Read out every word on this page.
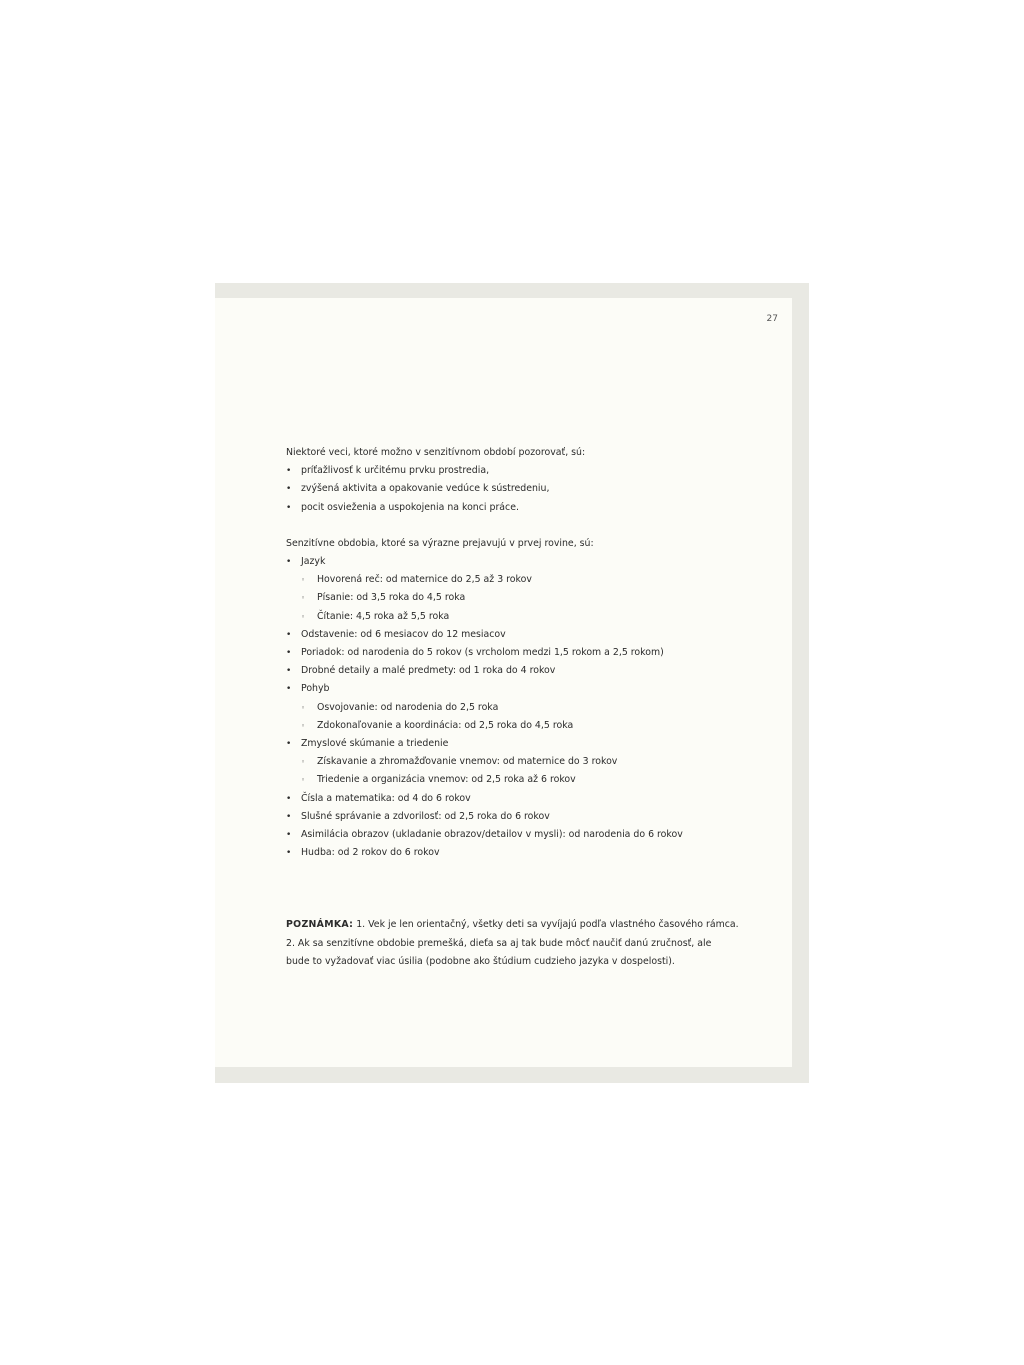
27

Niektoré veci, ktoré možno v senzitívnom období pozorovať, sú:

• príťažlivosť k určitému prvku prostredia,
• zvýšená aktivita a opakovanie vedúce k sústredeniu,
• pocit osvieženia a uspokojenia na konci práce.

Senzitívne obdobia, ktoré sa výrazne prejavujú v prvej rovine, sú:

• Jazyk
◦ Hovorená reč: od maternice do 2,5 až 3 rokov
◦ Písanie: od 3,5 roka do 4,5 roka
◦ Čítanie: 4,5 roka až 5,5 roka
• Odstavenie: od 6 mesiacov do 12 mesiacov
• Poriadok: od narodenia do 5 rokov (s vrcholom medzi 1,5 rokom a 2,5 rokom)
• Drobné detaily a malé predmety: od 1 roka do 4 rokov
• Pohyb
◦ Osvojovanie: od narodenia do 2,5 roka
◦ Zdokonaľovanie a koordinácia: od 2,5 roka do 4,5 roka
• Zmyslové skúmanie a triedenie
◦ Získavanie a zhromažďovanie vnemov: od maternice do 3 rokov
◦ Triedenie a organizácia vnemov: od 2,5 roka až 6 rokov
• Čísla a matematika: od 4 do 6 rokov
• Slušné správanie a zdvorilosť: od 2,5 roka do 6 rokov
• Asimilácia obrazov (ukladanie obrazov/detailov v mysli): od narodenia do 6 rokov
• Hudba: od 2 rokov do 6 rokov

POZNÁMKA: 1. Vek je len orientačný, všetky deti sa vyvíjajú podľa vlastného časového rámca.

2. Ak sa senzitívne obdobie premešká, dieťa sa aj tak bude môcť naučiť danú zručnosť, ale

bude to vyžadovať viac úsilia (podobne ako štúdium cudzieho jazyka v dospelosti).
